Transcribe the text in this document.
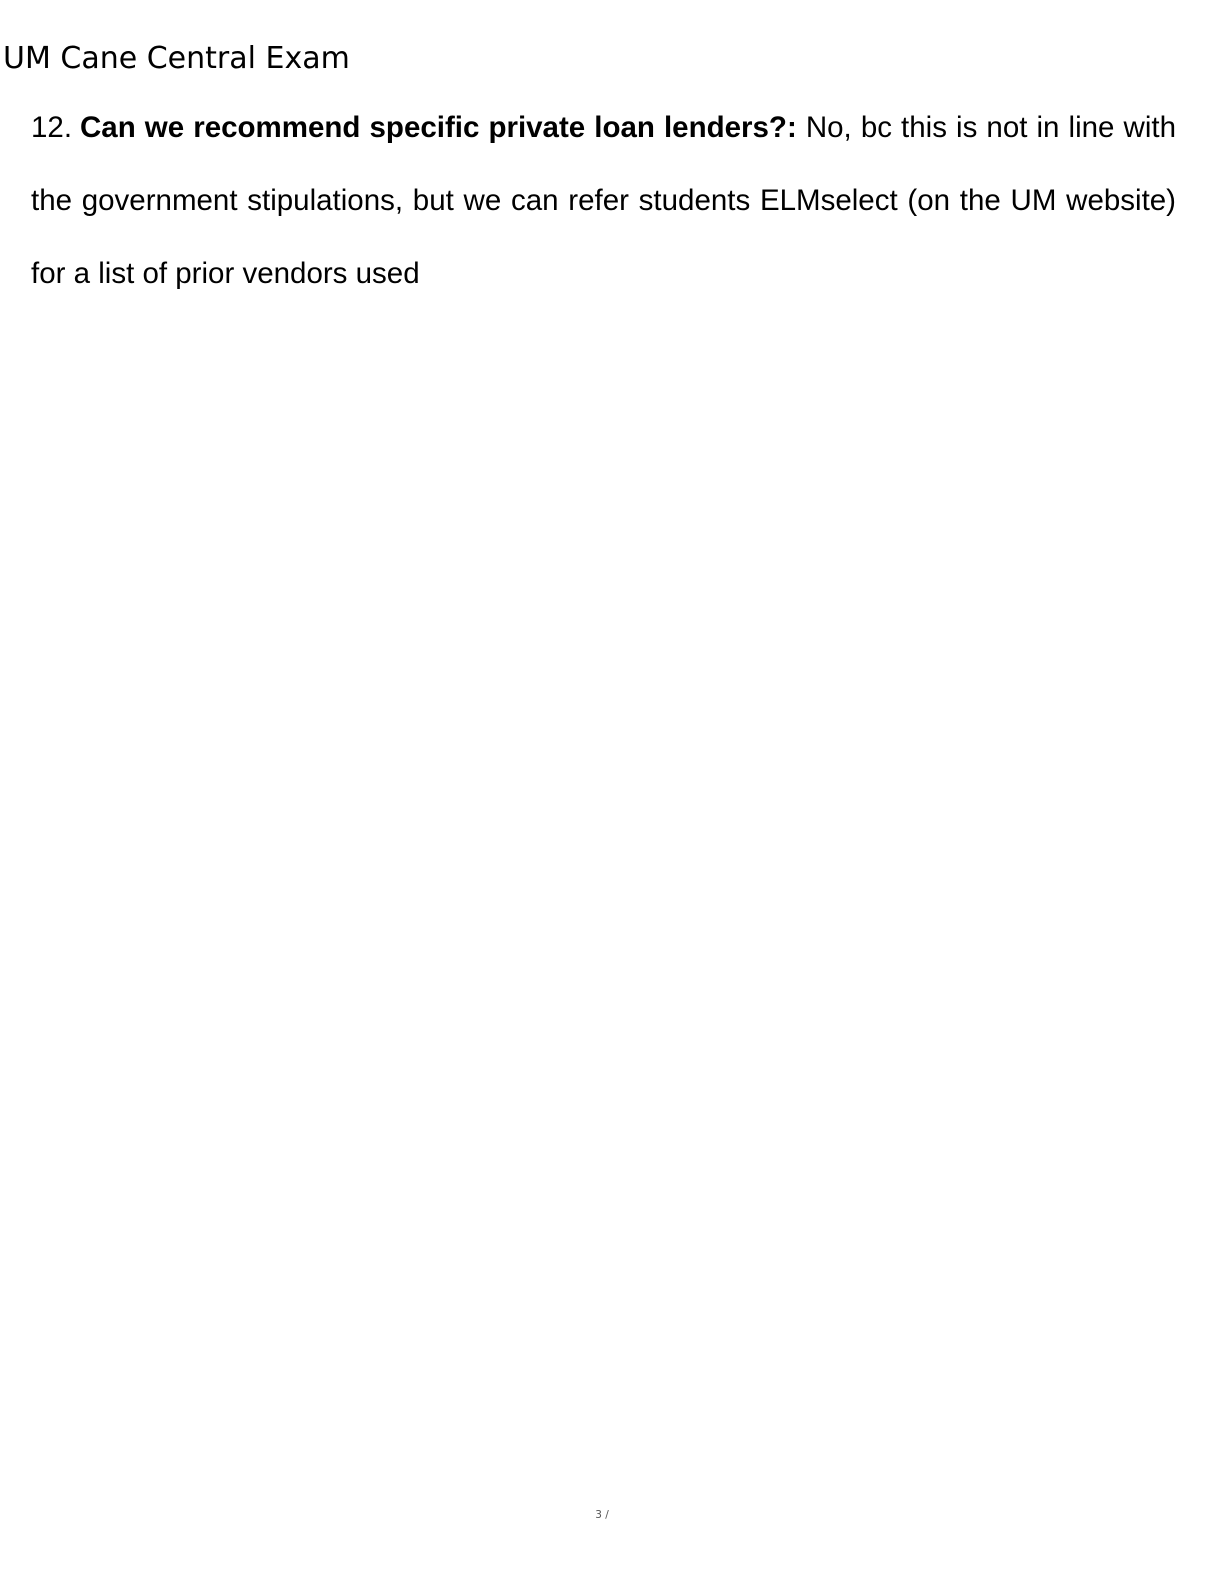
UM Cane Central Exam

12. Can we recommend specific private loan lenders?: No, bc this is not in line with the government stipulations, but we can refer students ELMselect (on the UM website) for a list of prior vendors used

3 /
